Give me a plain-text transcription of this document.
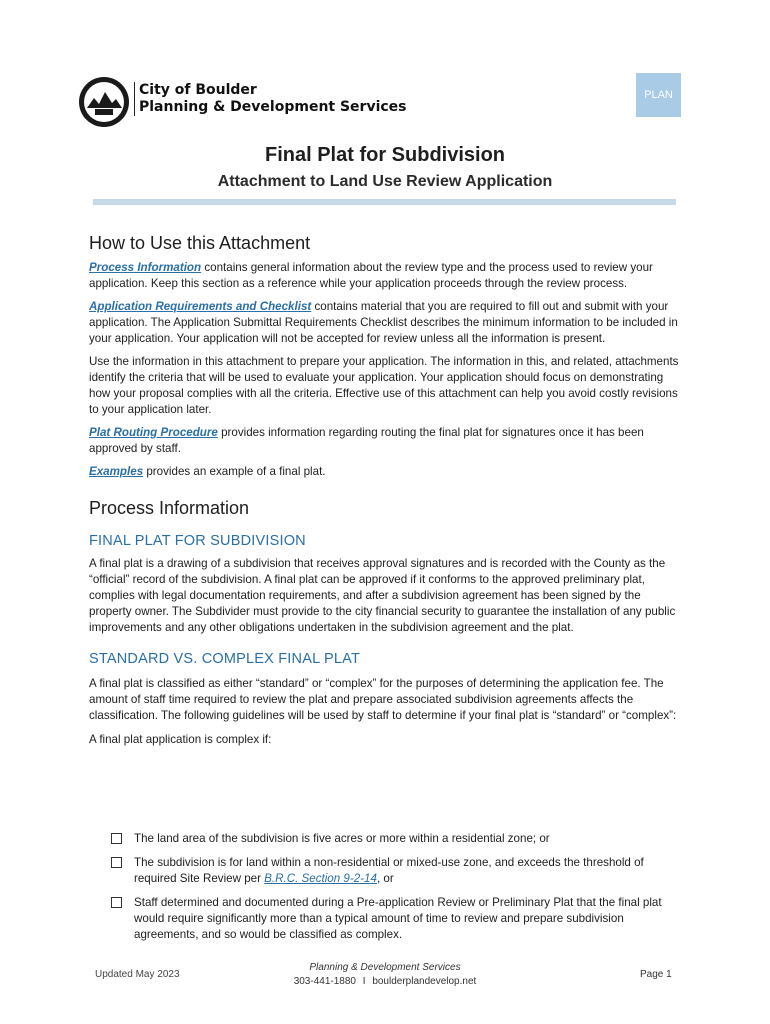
City of Boulder
Planning & Development Services
PLAN
Final Plat for Subdivision
Attachment to Land Use Review Application
How to Use this Attachment

Process Information contains general information about the review type and the process used to review your application. Keep this section as a reference while your application proceeds through the review process.

Application Requirements and Checklist contains material that you are required to fill out and submit with your application. The Application Submittal Requirements Checklist describes the minimum information to be included in your application. Your application will not be accepted for review unless all the information is present.

Use the information in this attachment to prepare your application. The information in this, and related, attachments identify the criteria that will be used to evaluate your application. Your application should focus on demonstrating how your proposal complies with all the criteria. Effective use of this attachment can help you avoid costly revisions to your application later.

Plat Routing Procedure provides information regarding routing the final plat for signatures once it has been approved by staff.

Examples provides an example of a final plat.

Process Information
FINAL PLAT FOR SUBDIVISION

A final plat is a drawing of a subdivision that receives approval signatures and is recorded with the County as the “official” record of the subdivision. A final plat can be approved if it conforms to the approved preliminary plat, complies with legal documentation requirements, and after a subdivision agreement has been signed by the property owner. The Subdivider must provide to the city financial security to guarantee the installation of any public improvements and any other obligations undertaken in the subdivision agreement and the plat.

STANDARD VS. COMPLEX FINAL PLAT

A final plat is classified as either “standard” or “complex” for the purposes of determining the application fee. The amount of staff time required to review the plat and prepare associated subdivision agreements affects the classification. The following guidelines will be used by staff to determine if your final plat is “standard” or “complex”:

A final plat application is complex if:

The land area of the subdivision is five acres or more within a residential zone; or
The subdivision is for land within a non-residential or mixed-use zone, and exceeds the threshold of required Site Review per B.R.C. Section 9-2-14, or
Staff determined and documented during a Pre-application Review or Preliminary Plat that the final plat would require significantly more than a typical amount of time to review and prepare subdivision agreements, and so would be classified as complex.
Updated May 2023
Planning & Development Services
303-441-1880 I boulderplandevelop.net
Page 1
